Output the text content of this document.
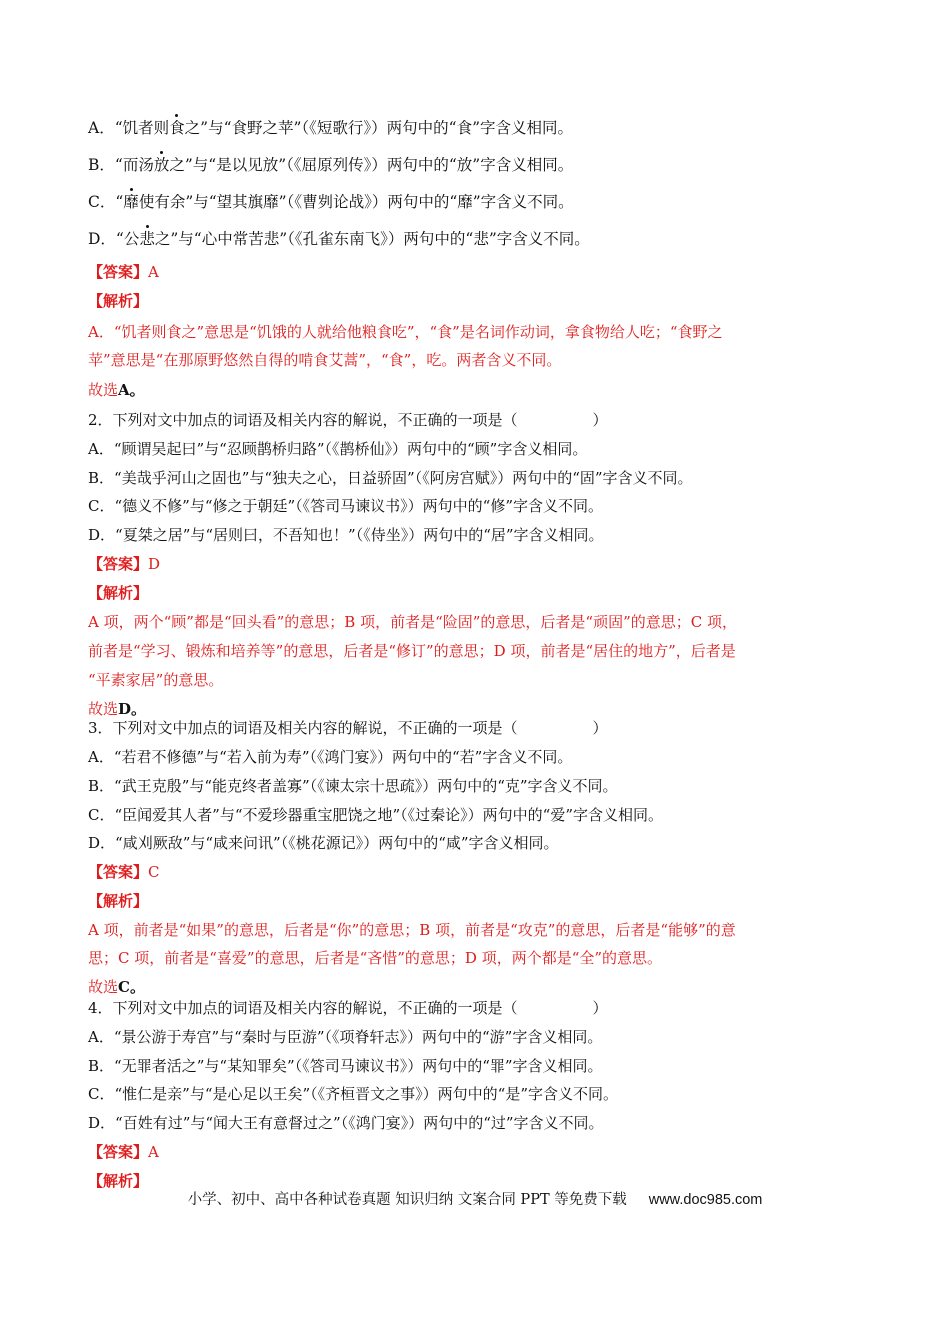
A．“饥者则食之”与“食野之苹”（《短歌行》）两句中的“食”字含义相同。
B．“而汤放之”与“是以见放”（《屈原列传》）两句中的“放”字含义相同。
C．“靡使有余”与“望其旗靡”（《曹刿论战》）两句中的“靡”字含义不同。
D．“公悲之”与“心中常苦悲”（《孔雀东南飞》）两句中的“悲”字含义不同。
【答案】A
【解析】
A．“饥者则食之”意思是“饥饿的人就给他粮食吃”，“食”是名词作动词，拿食物给人吃；“食野之
苹”意思是“在那原野悠然自得的啃食艾蒿”，“食”，吃。两者含义不同。
故选A。
2．下列对文中加点的词语及相关内容的解说，不正确的一项是（　　　　　）
A．“顾谓吴起曰”与“忍顾鹊桥归路”（《鹊桥仙》）两句中的“顾”字含义相同。
B．“美哉乎河山之固也”与“独夫之心，日益骄固”（《阿房宫赋》）两句中的“固”字含义不同。
C．“德义不修”与“修之于朝廷”（《答司马谏议书》）两句中的“修”字含义不同。
D．“夏桀之居”与“居则曰，不吾知也！”（《侍坐》）两句中的“居”字含义相同。
【答案】D
【解析】
A 项，两个“顾”都是“回头看”的意思；B 项，前者是“险固”的意思，后者是“顽固”的意思；C 项，
前者是“学习、锻炼和培养等”的意思，后者是“修订”的意思；D 项，前者是“居住的地方”，后者是
“平素家居”的意思。
故选D。
3．下列对文中加点的词语及相关内容的解说，不正确的一项是（　　　　　）
A．“若君不修德”与“若入前为寿”（《鸿门宴》）两句中的“若”字含义不同。
B．“武王克殷”与“能克终者盖寡”（《谏太宗十思疏》）两句中的“克”字含义不同。
C．“臣闻爱其人者”与“不爱珍器重宝肥饶之地”（《过秦论》）两句中的“爱”字含义相同。
D．“咸刈厥敌”与“咸来问讯”（《桃花源记》）两句中的“咸”字含义相同。
【答案】C
【解析】
A 项，前者是“如果”的意思，后者是“你”的意思；B 项，前者是“攻克”的意思，后者是“能够”的意
思；C 项，前者是“喜爱”的意思，后者是“吝惜”的意思；D 项，两个都是“全”的意思。
故选C。
4．下列对文中加点的词语及相关内容的解说，不正确的一项是（　　　　　）
A．“景公游于寿宫”与“秦时与臣游”（《项脊轩志》）两句中的“游”字含义相同。
B．“无罪者活之”与“某知罪矣”（《答司马谏议书》）两句中的“罪”字含义相同。
C．“惟仁是亲”与“是心足以王矣”（《齐桓晋文之事》）两句中的“是”字含义不同。
D．“百姓有过”与“闻大王有意督过之”（《鸿门宴》）两句中的“过”字含义不同。
【答案】A
【解析】
小学、初中、高中各种试卷真题 知识归纳 文案合同 PPT 等免费下载 www.doc985.com
